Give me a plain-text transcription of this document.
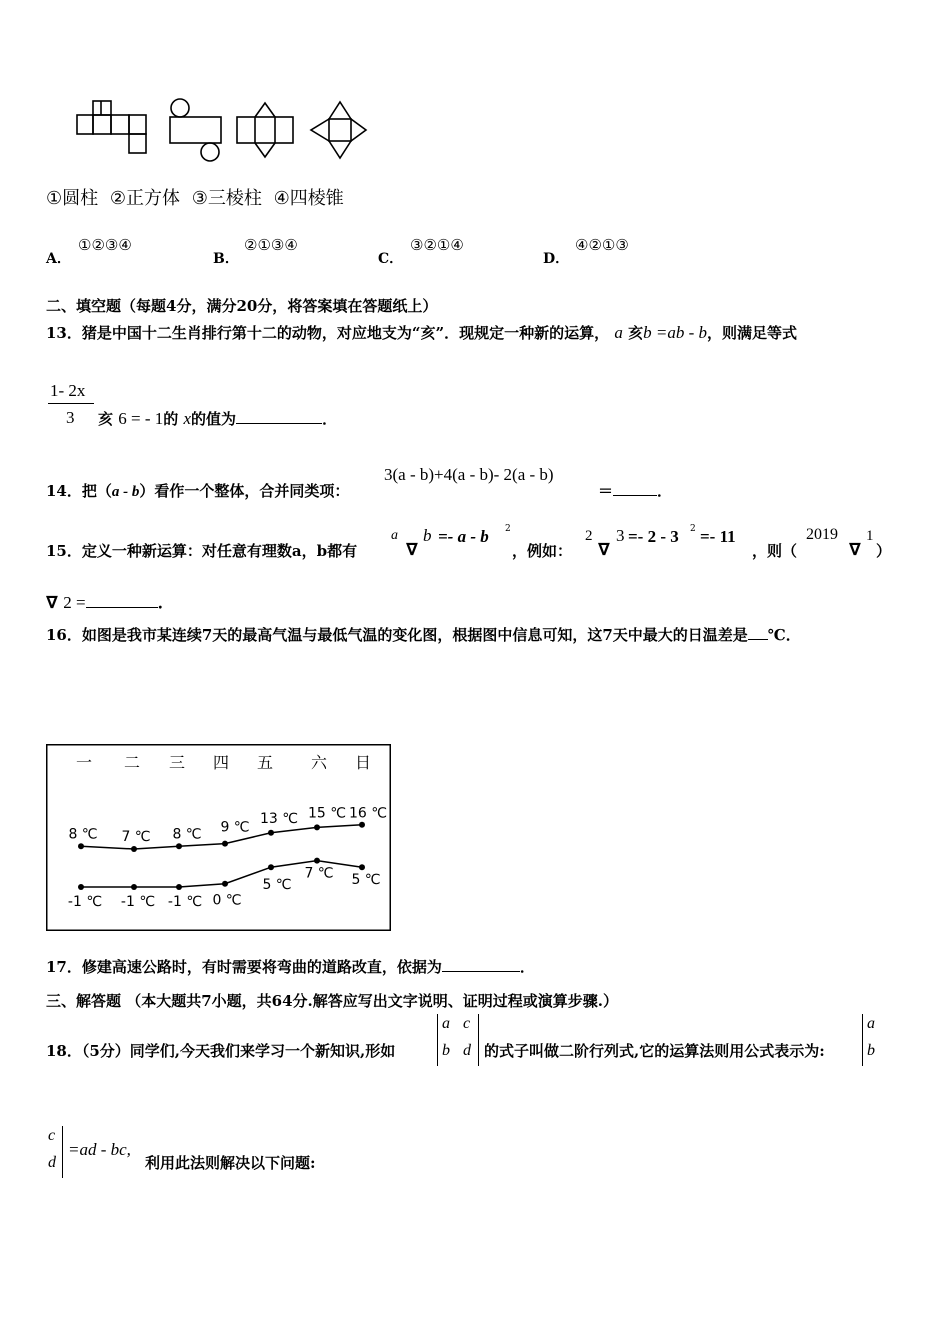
①圆柱 ②正方体 ③三棱柱 ④四棱锥
A．
①②③④
B．
②①③④
C．
③②①④
D．
④②①③
二、填空题（每题4分，满分20分，将答案填在答题纸上）
13．猪是中国十二生肖排行第十二的动物，对应地支为“亥”．现规定一种新的运算， a 亥b =ab - b，则满足等式
1- 2x
3 亥 6 = - 1的 x的值为	．
14．把（a - b）看作一个整体，合并同类项：
3(a - b)+4(a - b)- 2(a - b)
＝	．
15．定义一种新运算：对任意有理数a，b都有
a
∇
b =- a - b 2
，例如：
2
∇
3 =- 2 - 3 2 =- 11
，则（
2019
∇
1
）
∇ 2 =	．
16．如图是我市某连续7天的最高气温与最低气温的变化图，根据图中信息可知，这7天中最大的日温差是 ℃．
一 二 三 四 五 六 日
8 ℃ 7 ℃ 8 ℃ 9 ℃
13 ℃ 15 ℃ 16 ℃
-1 ℃ -1 ℃ -1 ℃ 0 ℃
5 ℃
7 ℃ 5 ℃
17．修建高速公路时，有时需要将弯曲的道路改直，依据为	．
三、解答题 （本大题共7小题，共64分.解答应写出文字说明、证明过程或演算步骤.）
18．（5分）同学们,今天我们来学习一个新知识,形如
a c
b d 的式子叫做二阶行列式,它的运算法则用公式表示为:
a
b
c
d
=ad - bc,
利用此法则解决以下问题:
